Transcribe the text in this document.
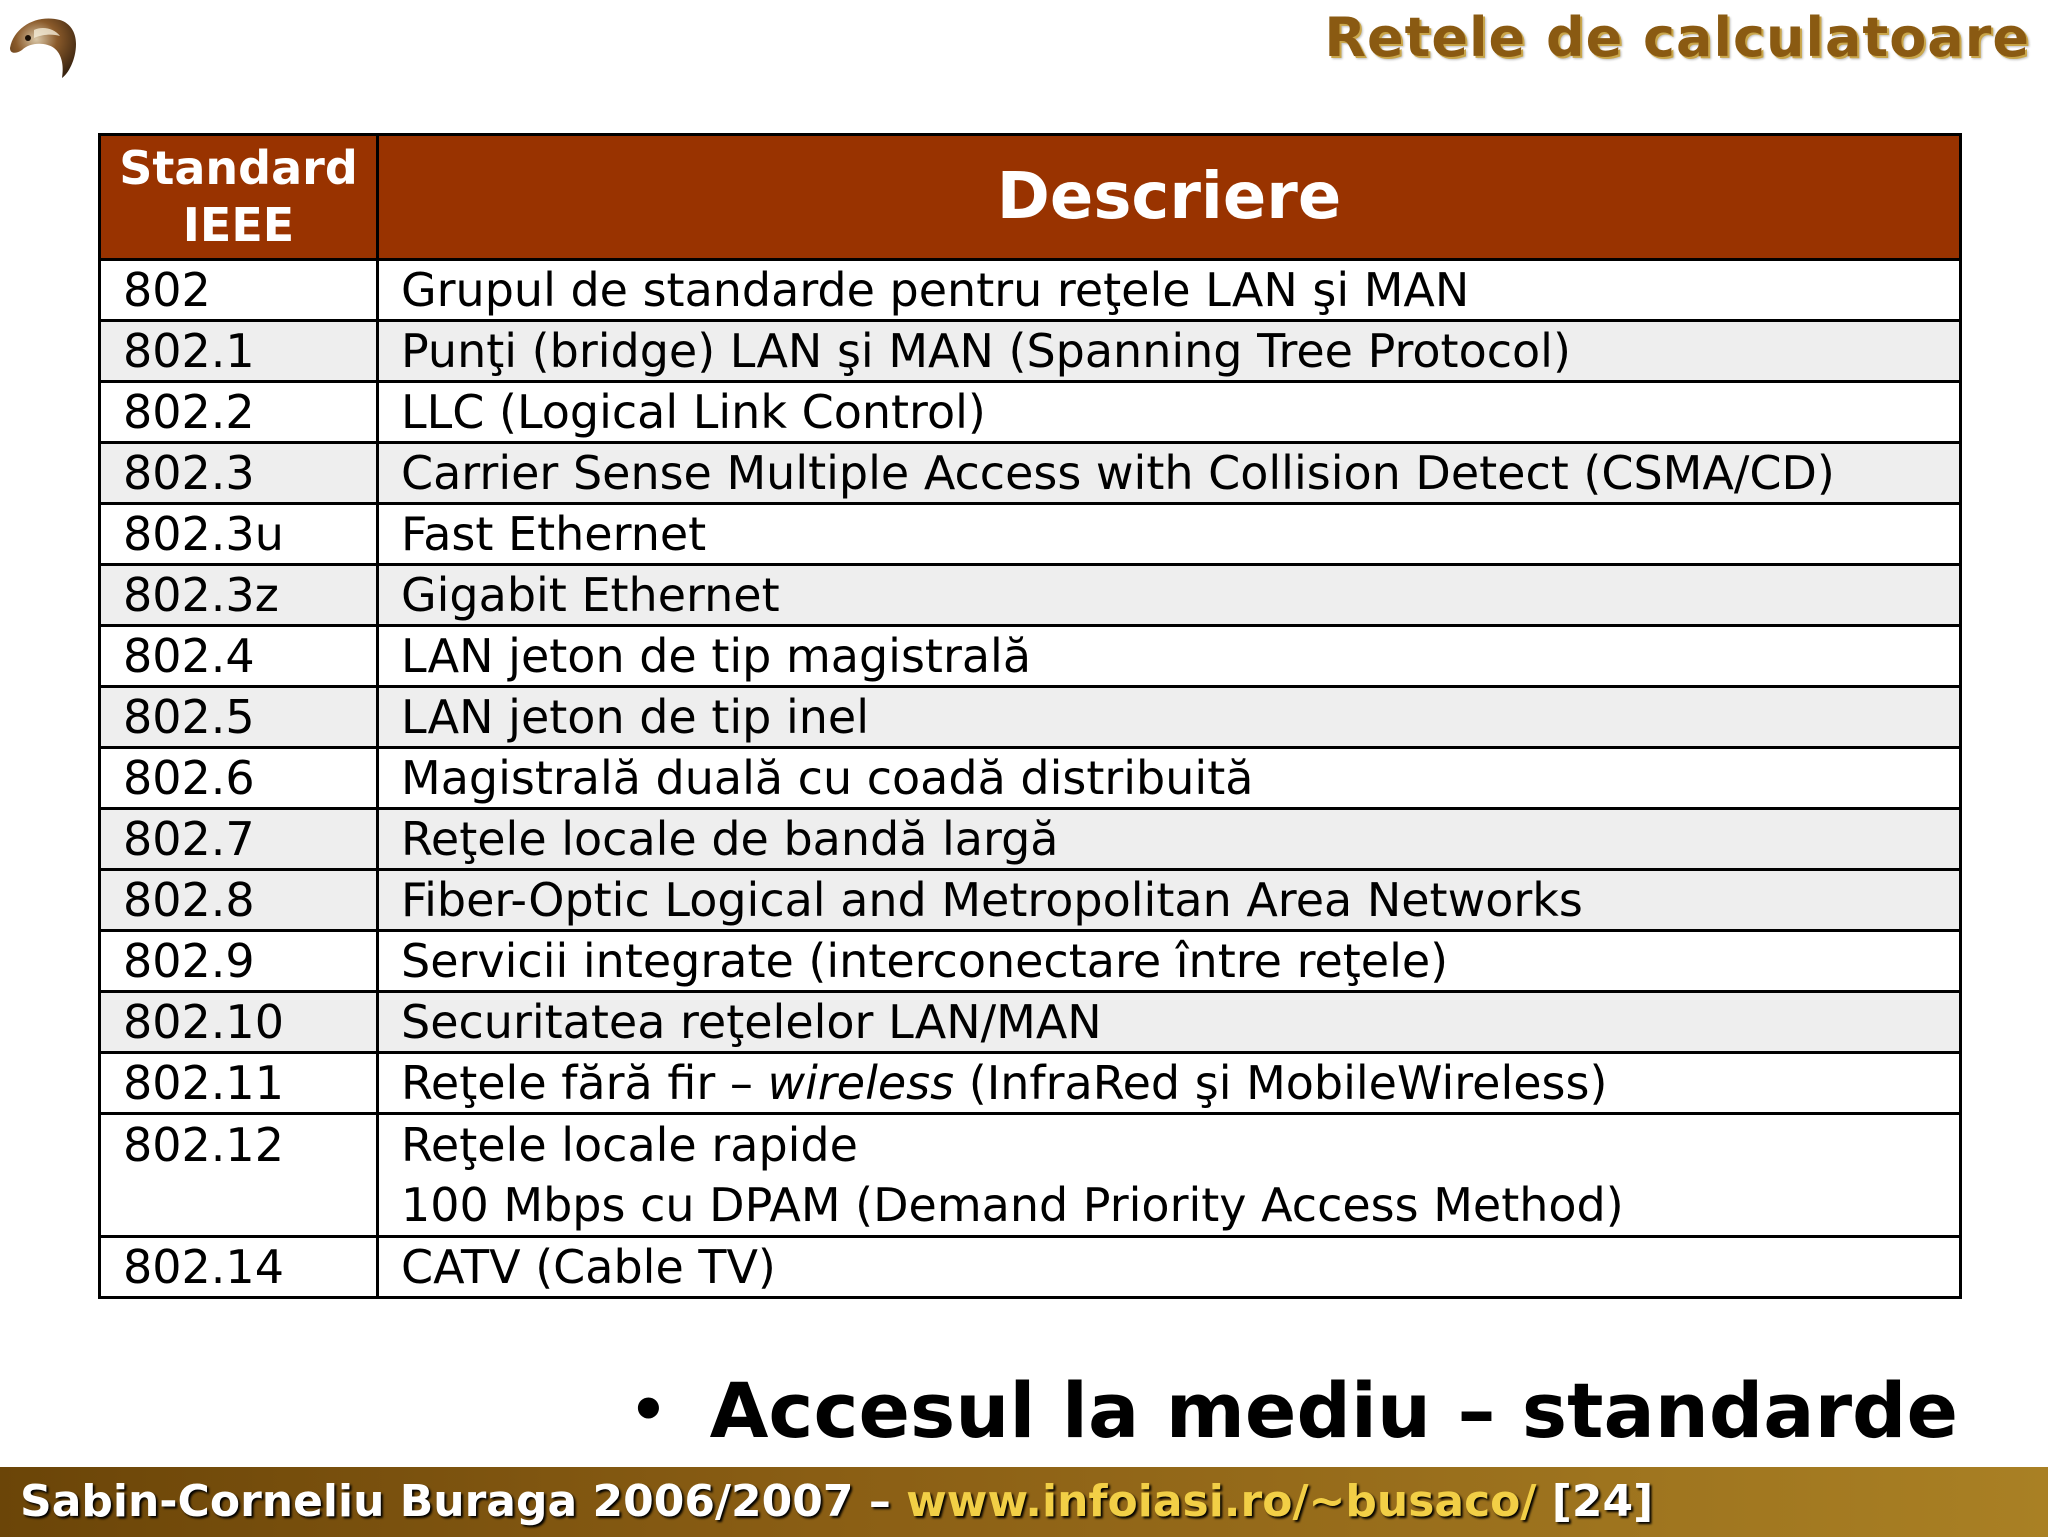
Retele de calculatoare
Standard
IEEE	Descriere
802	Grupul de standarde pentru reţele LAN şi MAN
802.1	Punţi (bridge) LAN şi MAN (Spanning Tree Protocol)
802.2	LLC (Logical Link Control)
802.3	Carrier Sense Multiple Access with Collision Detect (CSMA/CD)
802.3u	Fast Ethernet
802.3z	Gigabit Ethernet
802.4	LAN jeton de tip magistrală
802.5	LAN jeton de tip inel
802.6	Magistrală duală cu coadă distribuită
802.7	Reţele locale de bandă largă
802.8	Fiber-Optic Logical and Metropolitan Area Networks
802.9	Servicii integrate (interconectare între reţele)
802.10	Securitatea reţelelor LAN/MAN
802.11	Reţele fără fir – wireless (InfraRed şi MobileWireless)
802.12	Reţele locale rapide
100 Mbps cu DPAM (Demand Priority Access Method)

802.14	CATV (Cable TV)
• Accesul la mediu – standarde
Sabin-Corneliu Buraga 2006/2007 – www.infoiasi.ro/~busaco/ [24]
